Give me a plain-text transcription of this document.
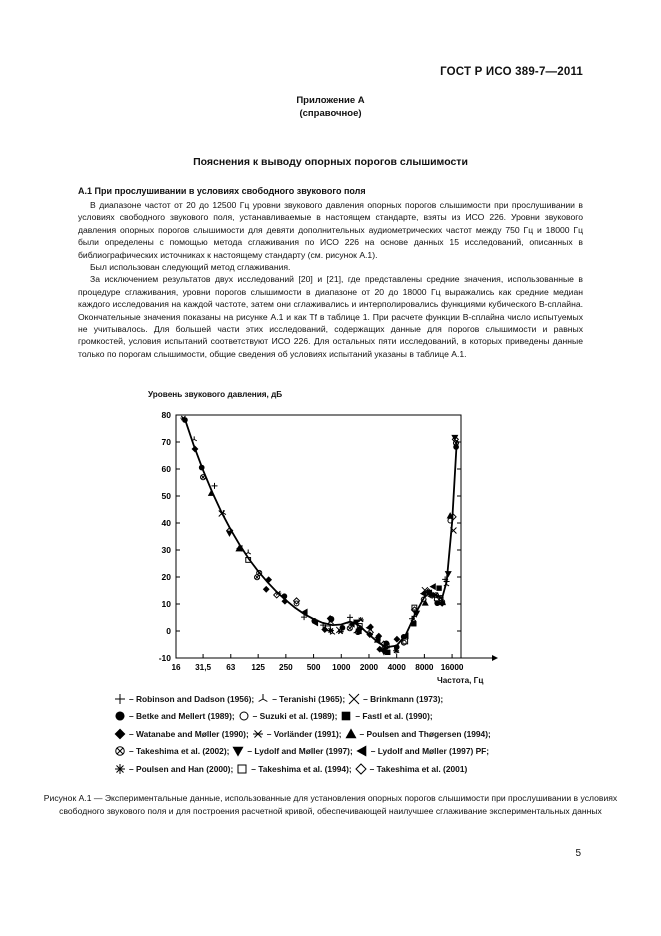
ГОСТ Р ИСО 389-7—2011
Приложение А
(справочное)
Пояснения к выводу опорных порогов слышимости
А.1 При прослушивании в условиях свободного звукового поля

В диапазоне частот от 20 до 12500 Гц уровни звукового давления опорных порогов слышимости при прослушивании в условиях свободного звукового поля, устанавливаемые в настоящем стандарте, взяты из ИСО 226. Уровни звукового давления опорных порогов слышимости для девяти дополнительных аудиометрических частот между 750 Гц и 18000 Гц были определены с помощью метода сглаживания по ИСО 226 на основе данных 15 исследований, описанных в библиографических источниках к настоящему стандарту (см. рисунок А.1).

Был использован следующий метод сглаживания.

За исключением результатов двух исследований [20] и [21], где представлены средние значения, использованные в процедуре сглаживания, уровни порогов слышимости в диапазоне от 20 до 18000 Гц выражались как средние медиан каждого исследования на каждой частоте, затем они сглаживались и интерполировались функциями кубического B-сплайна. Окончательные значения показаны на рисунке А.1 и как Tf в таблице 1. При расчете функции B-сплайна число испытуемых не учитывалось. Для большей части этих исследований, содержащих данные для порогов слышимости и равных громкостей, условия испытаний соответствуют ИСО 226. Для остальных пяти исследований, в которых приведены данные только по порогам слышимости, общие сведения об условиях испытаний указаны в таблице А.1.

Уровень звукового давления, дБ
80
70
60
50
40
30
20
10
0
-10
16 31,5 63 125 250 500 1000 2000 4000 8000 16000
Частота, Гц
– Robinson and Dadson (1956); – Teranishi (1965); – Brinkmann (1973);
– Betke and Mellert (1989); – Suzuki et al. (1989); – Fastl et al. (1990);
– Watanabe and Møller (1990); – Vorländer (1991); – Poulsen and Thøgersen (1994);
– Takeshima et al. (2002); – Lydolf and Møller (1997); – Lydolf and Møller (1997) PF;
– Poulsen and Han (2000); – Takeshima et al. (1994); – Takeshima et al. (2001)
Рисунок А.1 — Экспериментальные данные, использованные для установления опорных порогов слышимости при прослушивании в условиях свободного звукового поля и для построения расчетной кривой, обеспечивающей наилучшее сглаживание экспериментальных данных
5
